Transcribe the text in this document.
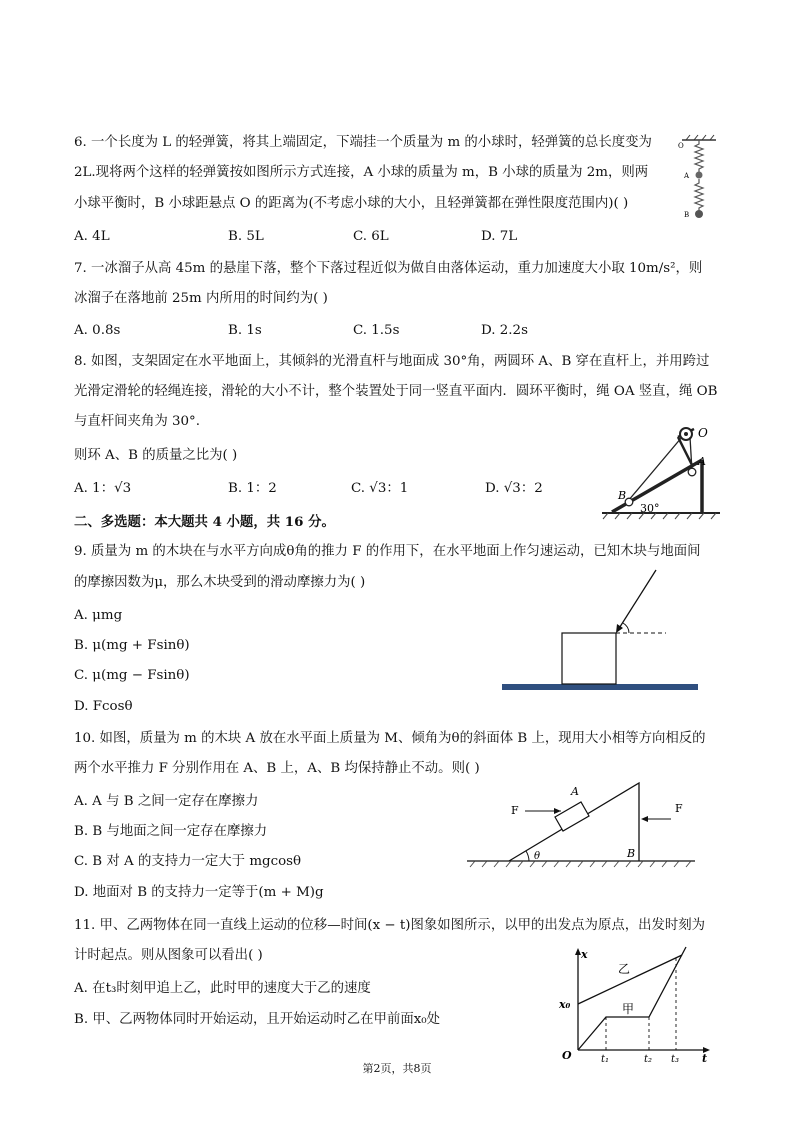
6. 一个长度为 L 的轻弹簧，将其上端固定，下端挂一个质量为 m 的小球时，轻弹簧的总长度变为
2L.现将两个这样的轻弹簧按如图所示方式连接，A 小球的质量为 m，B 小球的质量为 2m，则两
小球平衡时，B 小球距悬点 O 的距离为(不考虑小球的大小，且轻弹簧都在弹性限度范围内)( )
A. 4L	B. 5L	C. 6L	D. 7L
O
A
B
7. 一冰溜子从高 45m 的悬崖下落，整个下落过程近似为做自由落体运动，重力加速度大小取 10m/s²，则
冰溜子在落地前 25m 内所用的时间约为( )
A. 0.8s	B. 1s	C. 1.5s	D. 2.2s
8. 如图，支架固定在水平地面上，其倾斜的光滑直杆与地面成 30°角，两圆环 A、B 穿在直杆上，并用跨过
光滑定滑轮的轻绳连接，滑轮的大小不计，整个装置处于同一竖直平面内．圆环平衡时，绳 OA 竖直，绳 OB
与直杆间夹角为 30°.
则环 A、B 的质量之比为( )
A. 1：√3	B. 1：2	C. √3：1	D. √3：2
O
A
B
30°
二、多选题：本大题共 4 小题，共 16 分。
9. 质量为 m 的木块在与水平方向成θ角的推力 F 的作用下，在水平地面上作匀速运动，已知木块与地面间
的摩擦因数为μ，那么木块受到的滑动摩擦力为( )
A. μmg
B. μ(mg + Fsinθ)
C. μ(mg − Fsinθ)
D. Fcosθ
10. 如图，质量为 m 的木块 A 放在水平面上质量为 M、倾角为θ的斜面体 B 上，现用大小相等方向相反的
两个水平推力 F 分别作用在 A、B 上，A、B 均保持静止不动。则( )
A. A 与 B 之间一定存在摩擦力
B. B 与地面之间一定存在摩擦力
C. B 对 A 的支持力一定大于 mgcosθ
D. 地面对 B 的支持力一定等于(m + M)g
F
A
F
θ	B
11. 甲、乙两物体在同一直线上运动的位移—时间(x − t)图象如图所示，以甲的出发点为原点，出发时刻为
计时起点。则从图象可以看出( )
A. 在t₃时刻甲追上乙，此时甲的速度大于乙的速度
B. 甲、乙两物体同时开始运动，且开始运动时乙在甲前面x₀处
x
乙
x₀	甲
O	t₁	t₂ t₃ t
第2页，共8页
